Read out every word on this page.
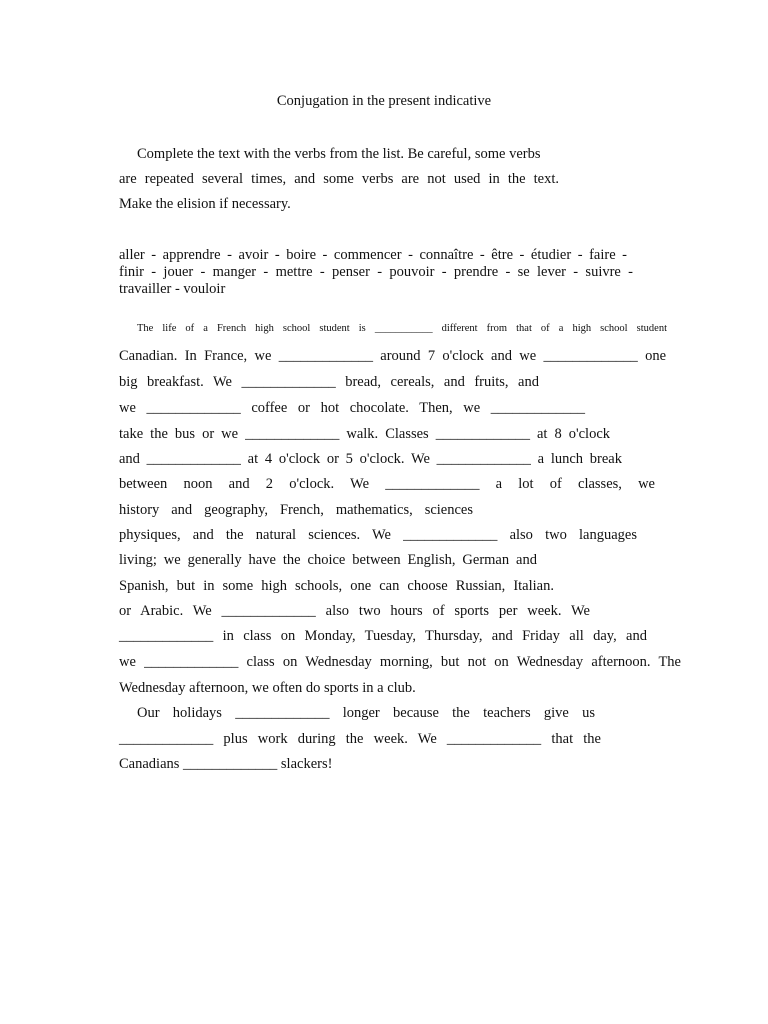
Conjugation in the present indicative
Complete the text with the verbs from the list. Be careful, some verbs
are repeated several times, and some verbs are not used in the text.
Make the elision if necessary.
aller - apprendre - avoir - boire - commencer - connaître - être - étudier - faire -
finir - jouer - manger - mettre - penser - pouvoir - prendre - se lever - suivre -
travailler - vouloir
The life of a French high school student is ___________ different from that of a high school student
Canadian. In France, we _____________ around 7 o'clock and we _____________ one
big breakfast. We _____________ bread, cereals, and fruits, and
we _____________ coffee or hot chocolate. Then, we _____________
take the bus or we _____________ walk. Classes _____________ at 8 o'clock
and _____________ at 4 o'clock or 5 o'clock. We _____________ a lunch break
between noon and 2 o'clock. We _____________ a lot of classes, we
history and geography, French, mathematics, sciences
physiques, and the natural sciences. We _____________ also two languages
living; we generally have the choice between English, German and
Spanish, but in some high schools, one can choose Russian, Italian.
or Arabic. We _____________ also two hours of sports per week. We
_____________ in class on Monday, Tuesday, Thursday, and Friday all day, and
we _____________ class on Wednesday morning, but not on Wednesday afternoon. The
Wednesday afternoon, we often do sports in a club.
Our holidays _____________ longer because the teachers give us
_____________ plus work during the week. We _____________ that the
Canadians _____________ slackers!
